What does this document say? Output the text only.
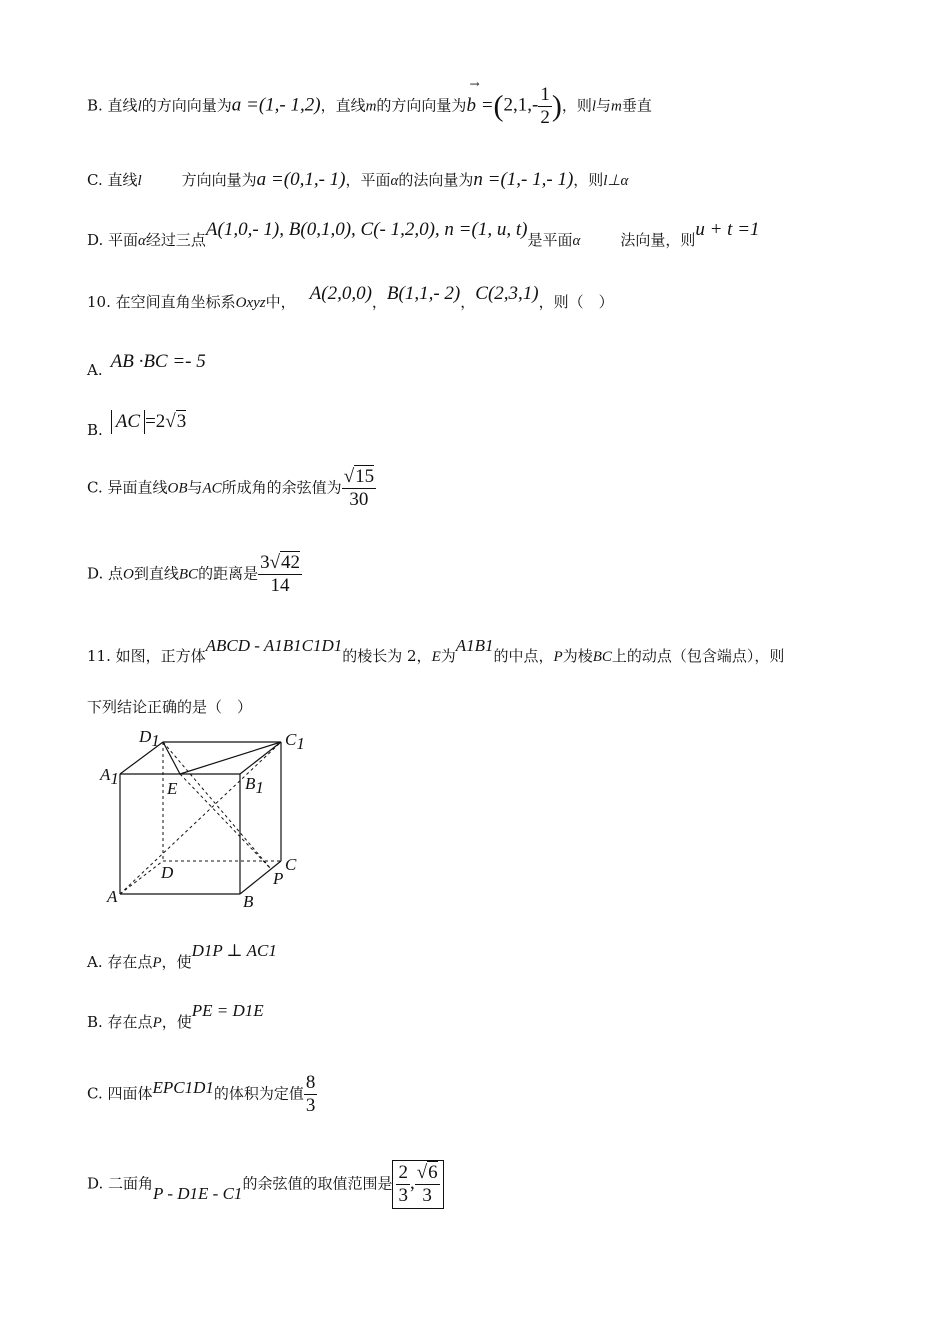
B. 直线l的方向向量为a =(1,- 1,2)，直线m的方向向量为
→
$b =(2,1,- \frac{1}{2}$ )，则l与m垂直
C. 直线l	方向向量为a =(0,1,- 1)，平面α的法向量为n =(1,- 1,- 1)，则l⊥α
D. 平面α经过三点A(1,0,- 1), B(0,1,0), C(- 1,2,0), n =(1, u, t)是平面α	法向量，则u + t =1
10. 在空间直角坐标系Oxyz中， A(2,0,0)，B(1,1,- 2)，C(2,3,1)，则（　）
A. AB ·BC =- 5
B. AC =2√3
C. 异面直线OB与AC所成角的余弦值为 $\frac{√15}{30}$
D. 点O到直线BC的距离是 $\frac{3√42}{14}$
11. 如图，正方体ABCD - A1B1C1D1的棱长为 2，E为A1B1的中点，P为棱BC上的动点（包含端点），则
下列结论正确的是（　）
D1	C1
A1	B1
E
D	C
P
A	B
A. 存在点P，使D1P ⊥ AC1
B. 存在点P，使PE = D1E
C. 四面体EPC1D1的体积为定值 $\frac{8}{3}$
D. 二面角P - D1E - C1的余弦值的取值范围是 $\frac{2}{3}$ , $\frac{√6}{3}$
